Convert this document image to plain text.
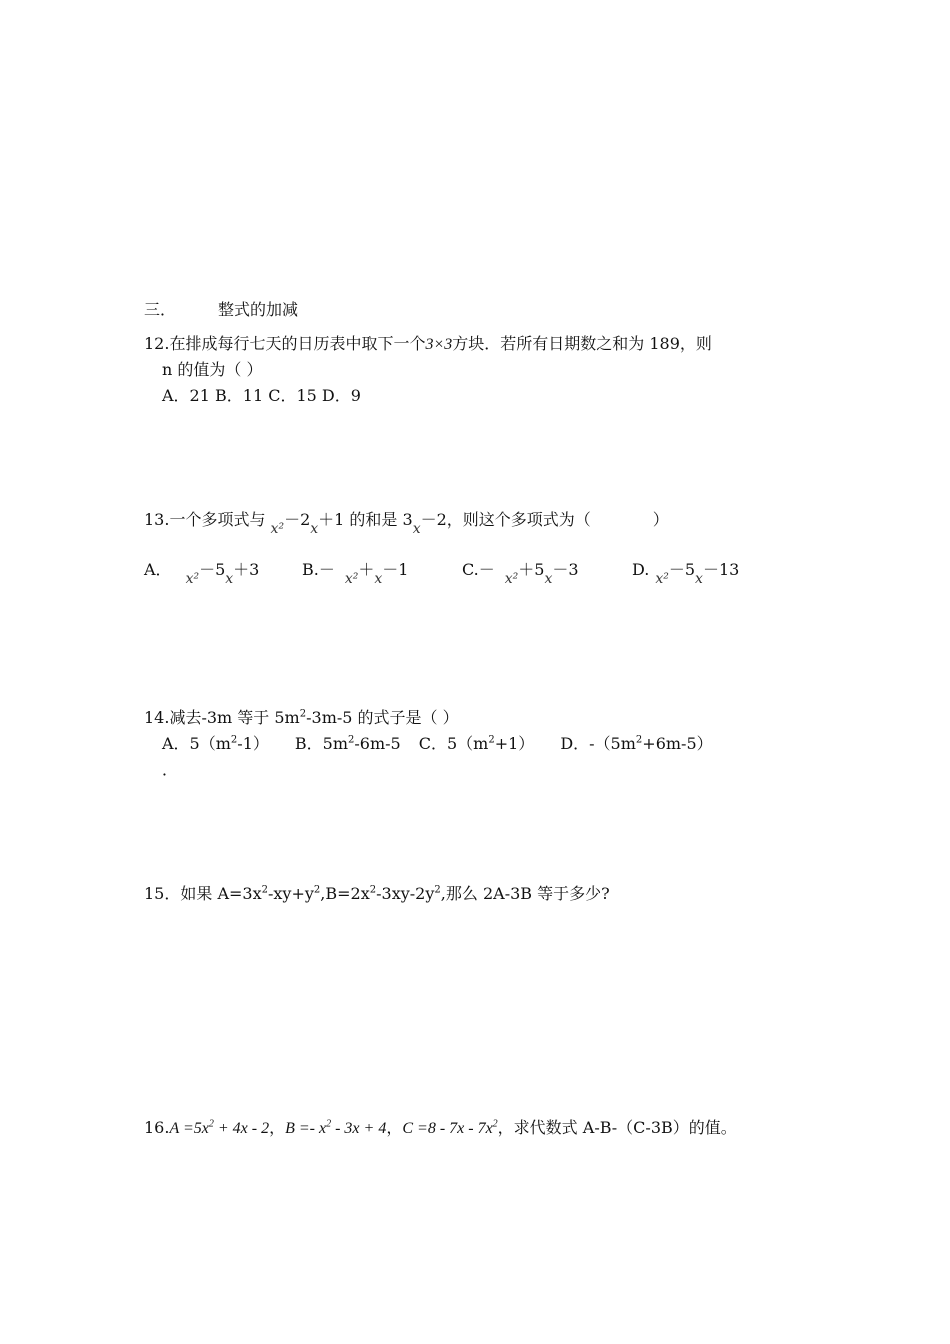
三．	整式的加减
12.在排成每行七天的日历表中取下一个3×3方块．若所有日期数之和为 189，则
n 的值为（ ）
A．21 B．11 C．15 D．9
13.一个多项式与 x²－2x＋1 的和是 3x－2，则这个多项式为（	）
A． x²－5x＋3	B.－ x²＋x－1	C.－ x²＋5x－3	D. x²－5x－13
14.减去-3m 等于 $5m^2-3m-5$ 的式子是（ ）
A．$5(m^2-1)$ B．$5m^2-6m-5$ C．$5(m^2+1)$ D．$-(5m^2+6m-5)$
．
15．如果 $A=3x^2-xy+y^2,B=2x^2-3xy-2y^2$,那么 2A-3B 等于多少?
$16.A =5x^2 + 4x - 2$，$B =- x^2 - 3x + 4$，$C =8 - 7x - 7x^2$，求代数式 A-B-（C-3B）的值。
